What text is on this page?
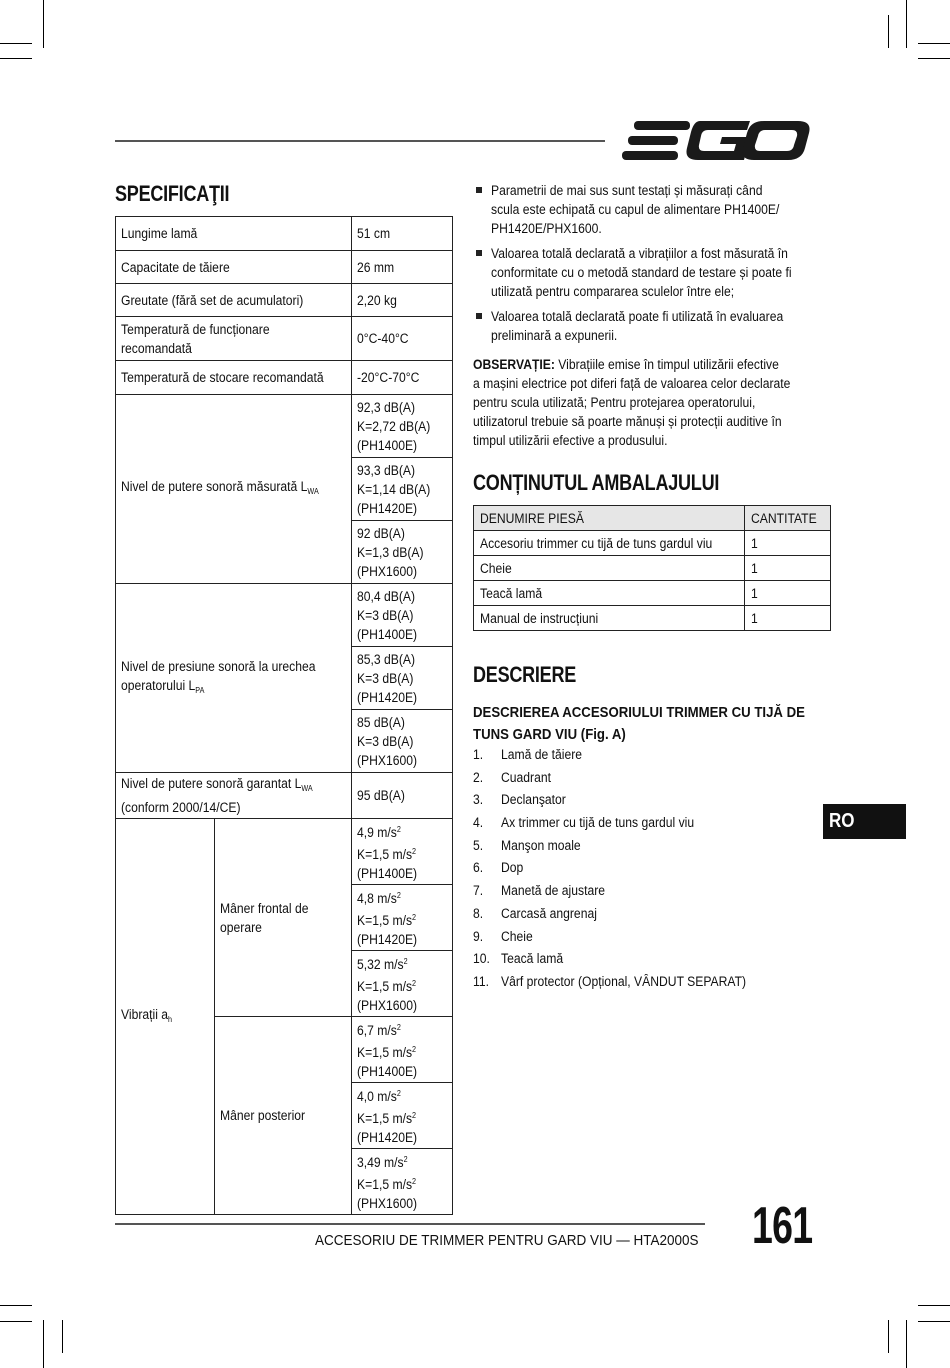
SPECIFICAŢII
Lungime lamă		51 cm
Capacitate de tăiere		26 mm
Greutate (fără set de acumulatori)		2,20 kg
Temperatură de funcționare
recomandată		0°C-40°C
Temperatură de stocare recomandată		-20°C-70°C
Nivel de putere sonoră măsurată $L_{WA}$		92,3 dB(A)
K=2,72 dB(A)
(PH1400E)
		93,3 dB(A)
K=1,14 dB(A)
(PH1420E)
		92 dB(A)
K=1,3 dB(A)
(PHX1600)
Nivel de presiune sonoră la urechea
operatorului $L_{PA}$		80,4 dB(A)
K=3 dB(A)
(PH1400E)
		85,3 dB(A)
K=3 dB(A)
(PH1420E)
		85 dB(A)
K=3 dB(A)
(PHX1600)
Nivel de putere sonoră garantat $L_{WA}$
(conform 2000/14/CE)		95 dB(A)
Vibrații $a_h$	Mâner frontal de
operare	4,9 $m/s^2$
K=1,5 $m/s^2$
(PH1400E)
		4,8 $m/s^2$
K=1,5 $m/s^2$
(PH1420E)
		5,32 $m/s^2$
K=1,5 $m/s^2$
(PHX1600)
	Mâner posterior	6,7 $m/s^2$
K=1,5 $m/s^2$
(PH1400E)
		4,0 $m/s^2$
K=1,5 $m/s^2$
(PH1420E)
		3,49 $m/s^2$
K=1,5 $m/s^2$
(PHX1600)
Parametrii de mai sus sunt testați și măsurați când
scula este echipată cu capul de alimentare PH1400E/
PH1420E/PHX1600.
Valoarea totală declarată a vibrațiilor a fost măsurată în
conformitate cu o metodă standard de testare și poate fi
utilizată pentru compararea sculelor între ele;
Valoarea totală declarată poate fi utilizată în evaluarea
preliminară a expunerii.
OBSERVAȚIE: Vibrațiile emise în timpul utilizării efective
a mașini electrice pot diferi față de valoarea celor declarate
pentru scula utilizată; Pentru protejarea operatorului,
utilizatorul trebuie să poarte mănuși și protecții auditive în
timpul utilizării efective a produsului.
CONȚINUTUL AMBALAJULUI
DENUMIRE PIESĂ	CANTITATE
Accesoriu trimmer cu tijă de tuns gardul viu	1
Cheie	1
Teacă lamă	1
Manual de instrucțiuni	1
DESCRIERE
DESCRIEREA ACCESORIULUI TRIMMER CU TIJĂ DE
TUNS GARD VIU (Fig. A)
1. Lamă de tăiere
2. Cuadrant
3. Declanşator
4. Ax trimmer cu tijă de tuns gardul viu
5. Manşon moale
6. Dop
7. Manetă de ajustare
8. Carcasă angrenaj
9. Cheie
10. Teacă lamă
11. Vârf protector (Opțional, VÂNDUT SEPARAT)
RO
ACCESORIU DE TRIMMER PENTRU GARD VIU — HTA2000S 161
